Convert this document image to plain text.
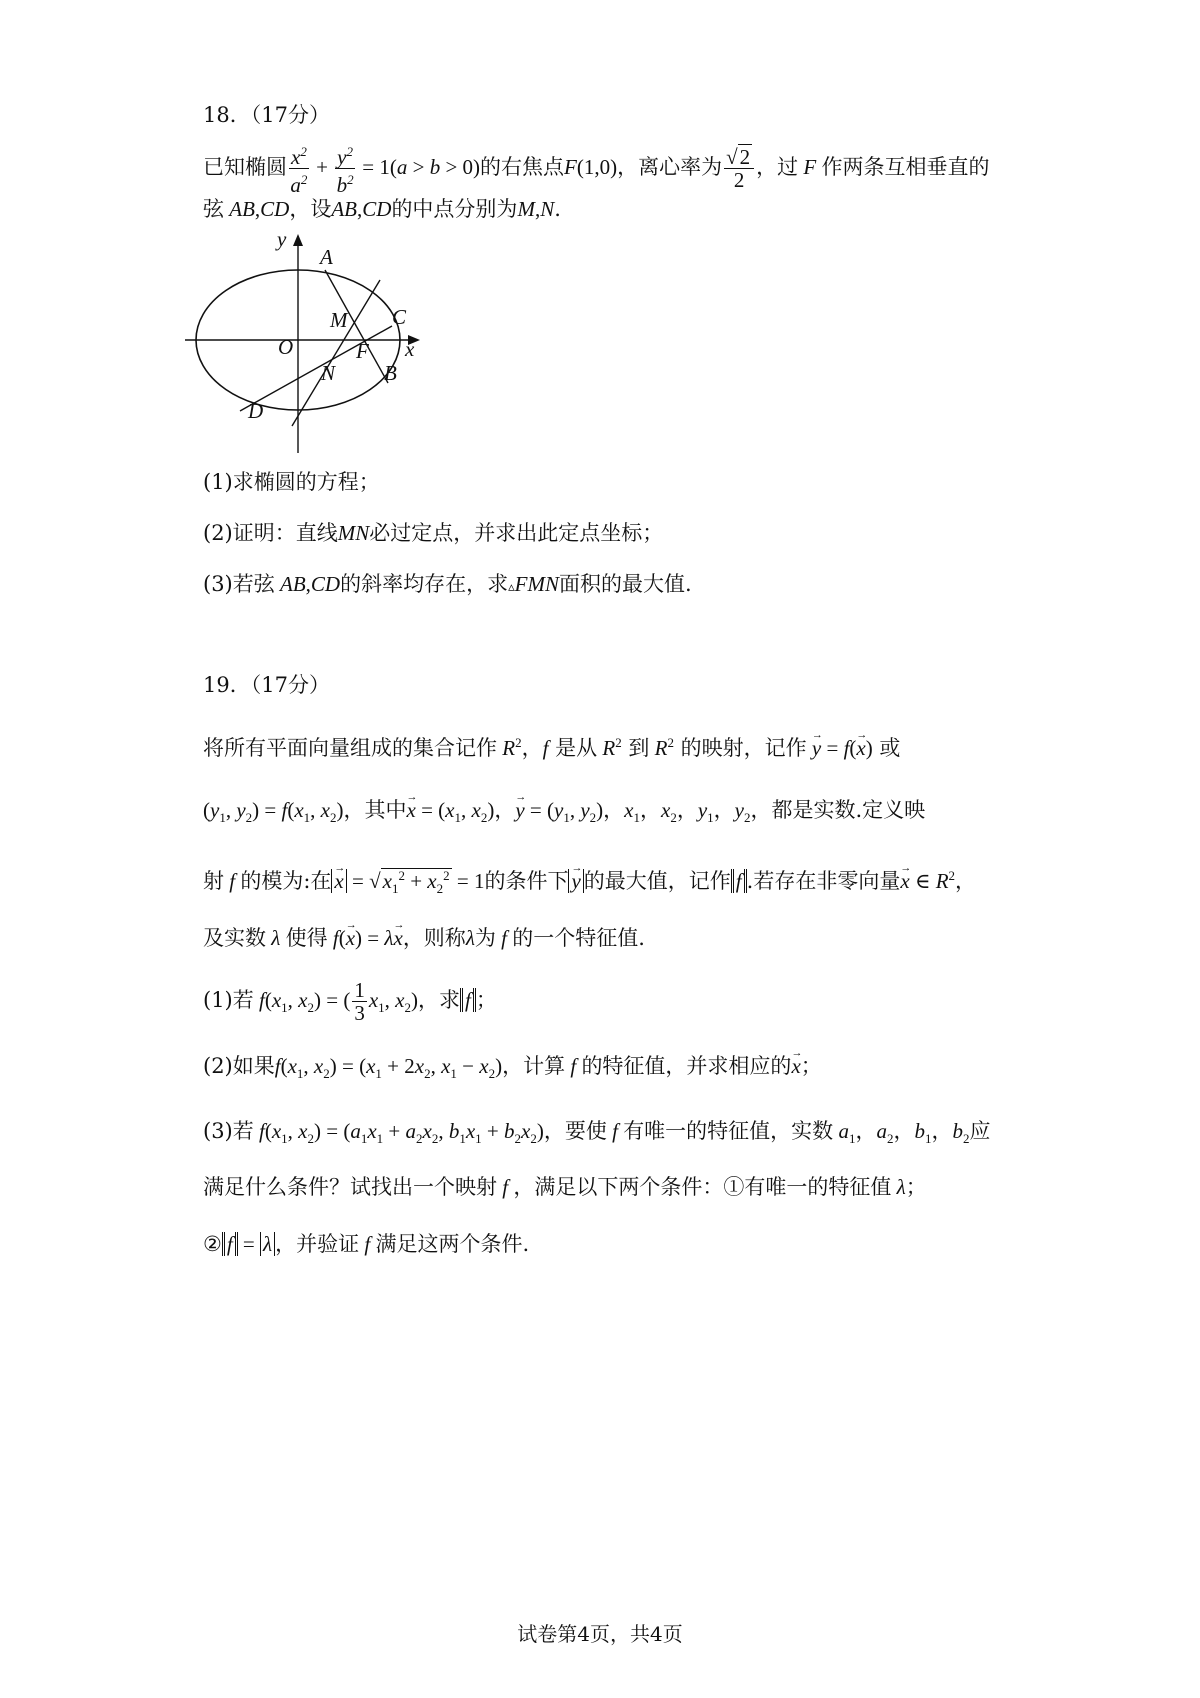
18．（17分）
已知椭圆 $\frac{x^2}{a^2} + \frac{y^2}{b^2} = 1(a > b > 0)$的右焦点F(1,0)，离心率为 $\frac{√2}{2}$ ，过 F 作两条互相垂直的
弦 AB,CD，设AB,CD的中点分别为M,N.
y
A
C
M
O	F x
N B
D
(1)求椭圆的方程；
(2)证明：直线MN必过定点，并求出此定点坐标；
(3)若弦 AB,CD的斜率均存在，求▵FMN面积的最大值.
19．（17分）
将所有平面向量组成的集合记作 $R^2$，f 是从 $R^2$ 到 $R^2$ 的映射，记作 → y = f(→ x) 或
($y_1$, $y_2) = f(x_1$, $x_2$)，其中→ $x = (x_1$, $x_2$)，→ $y = (y_1$, $y_2$)，$x_1$，$x_2$，$y_1$，$y_2$，都是实数.定义映
射 f 的模为:在 → $x = √x_1^2 + x_2^2 = 1$的条件下 → y 的最大值，记作 f .若存在非零向量→ x ∈ $R^2$，
及实数 λ 使得 f(→ x) = λ→ x，则称λ为 f 的一个特征值.
(1)若 $f(x_1$, $x_2$) = ( $\frac{1}{3} x_1$, $x_2$)，求 f ；
(2)如果$f(x_1$, $x_2) = (x_1 + 2x_2$, $x_1 - x_2$)，计算 f 的特征值，并求相应的→ x；
(3)若 $f(x_1$, $x_2) = (a_1x_1 + a_2x_2$, $b_1x_1 + b_2x_2$)，要使 f 有唯一的特征值，实数 $a_1$，$a_2$，$b_1$，$b_2$应
满足什么条件？试找出一个映射 f ，满足以下两个条件：①有唯一的特征值 λ；
② f = λ ，并验证 f 满足这两个条件.
试卷第4页，共4页
